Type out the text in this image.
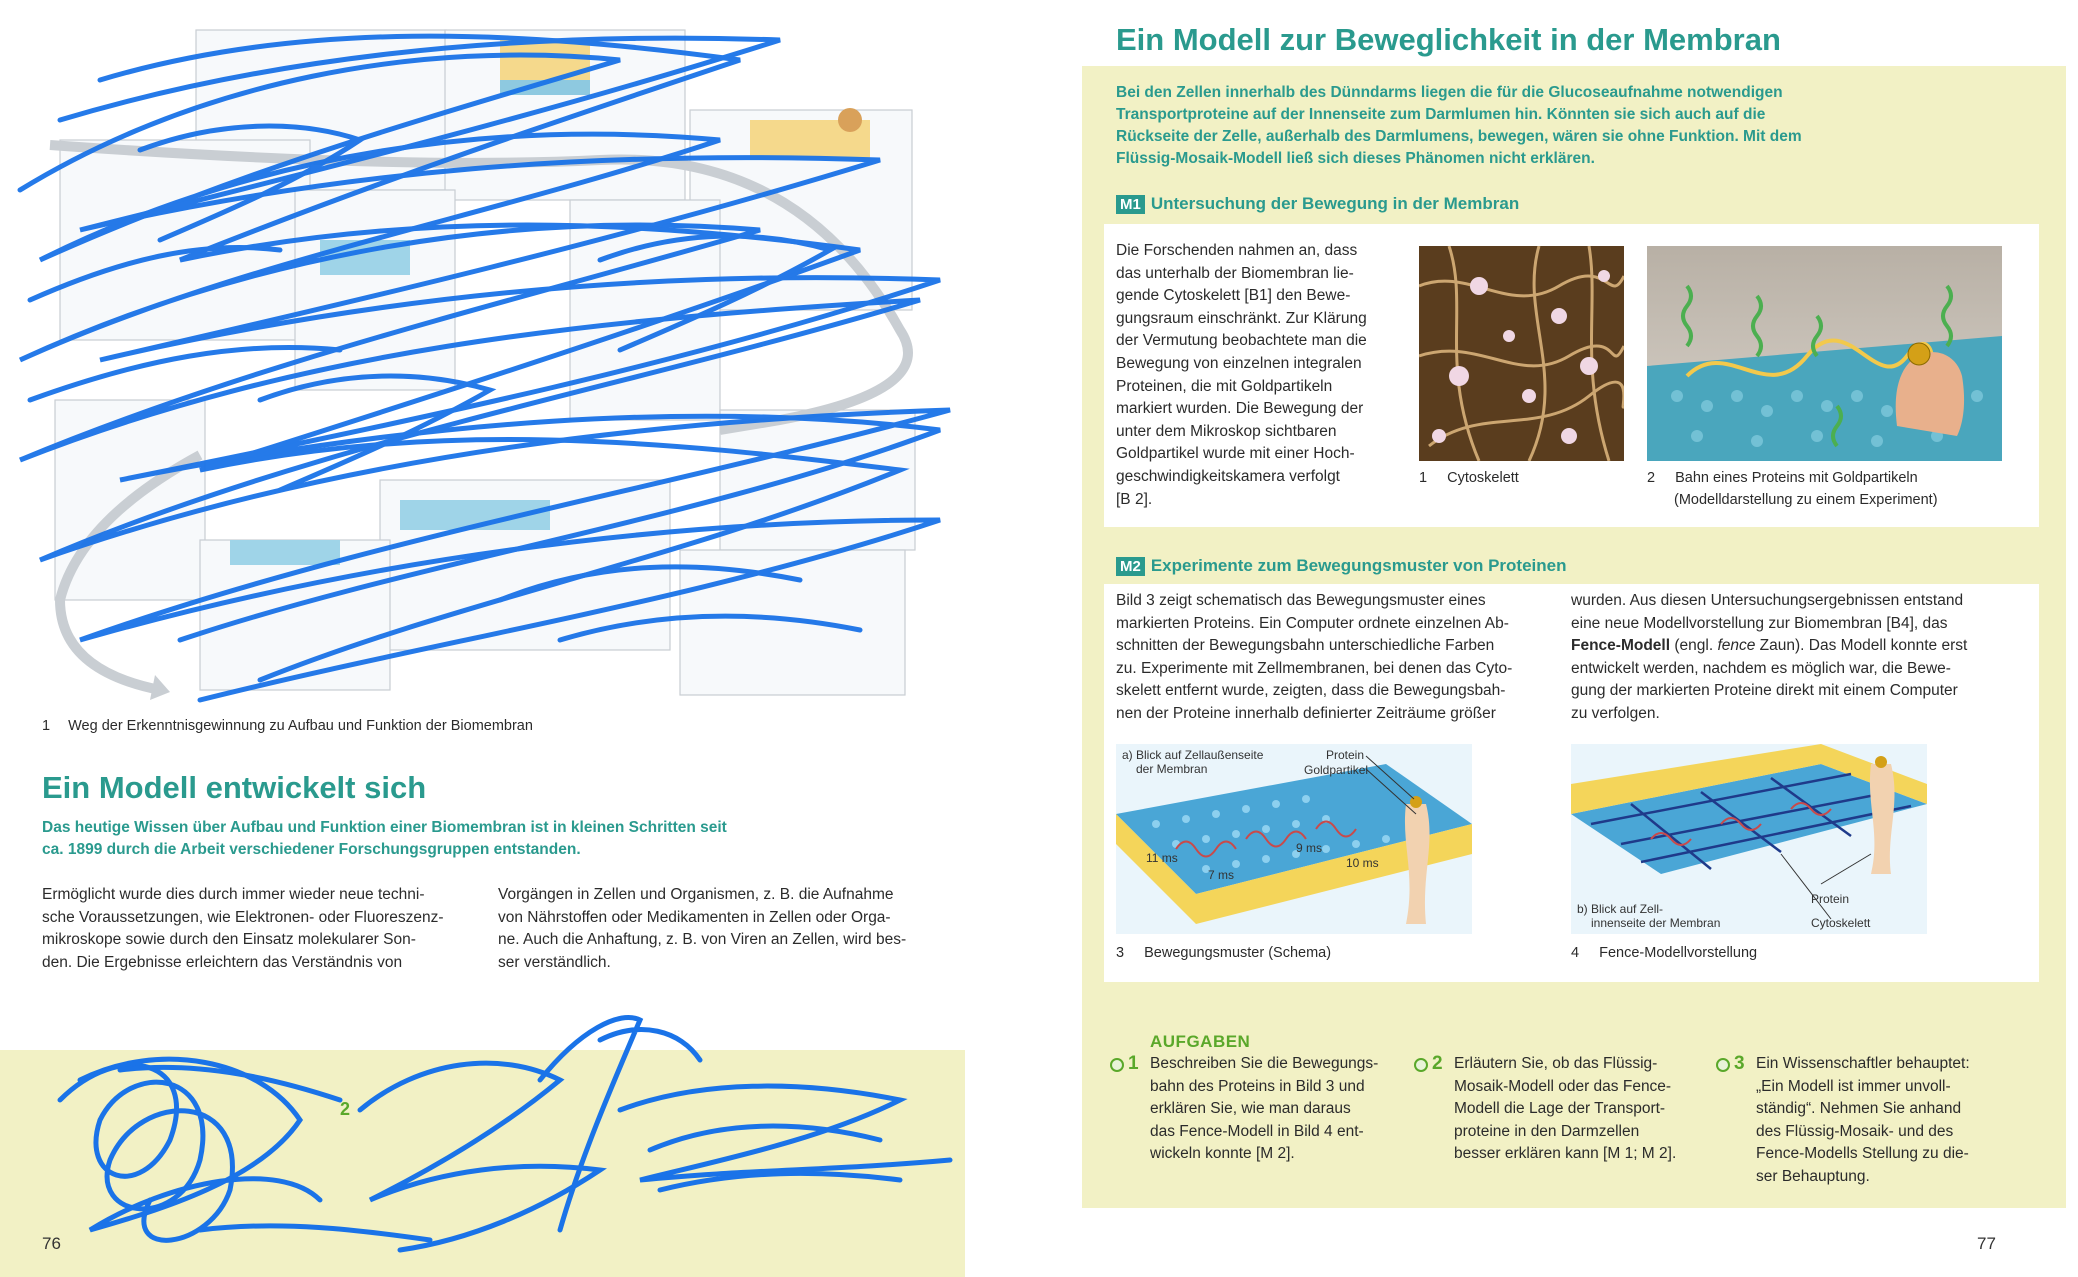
1 Weg der Erkenntnisgewinnung zu Aufbau und Funktion der Biomembran
Ein Modell entwickelt sich
Das heutige Wissen über Aufbau und Funktion einer Biomembran ist in kleinen Schritten seit
ca. 1899 durch die Arbeit verschiedener Forschungsgruppen entstanden.
Ermöglicht wurde dies durch immer wieder neue techni-
sche Voraussetzungen, wie Elektronen- oder Fluoreszenz-
mikroskope sowie durch den Einsatz molekularer Son-
den. Die Ergebnisse erleichtern das Verständnis von
Vorgängen in Zellen und Organismen, z. B. die Aufnahme
von Nährstoffen oder Medikamenten in Zellen oder Orga-
ne. Auch die Anhaftung, z. B. von Viren an Zellen, wird bes-
ser verständlich.
2
76
Ein Modell zur Beweglichkeit in der Membran
Bei den Zellen innerhalb des Dünndarms liegen die für die Glucoseaufnahme notwendigen
Transportproteine auf der Innenseite zum Darmlumen hin. Könnten sie sich auch auf die
Rückseite der Zelle, außerhalb des Darmlumens, bewegen, wären sie ohne Funktion. Mit dem
Flüssig-Mosaik-Modell ließ sich dieses Phänomen nicht erklären.
M1 Untersuchung der Bewegung in der Membran
Die Forschenden nahmen an, dass
das unterhalb der Biomembran lie-
gende Cytoskelett [B1] den Bewe-
gungsraum einschränkt. Zur Klärung
der Vermutung beobachtete man die
Bewegung von einzelnen integralen
Proteinen, die mit Goldpartikeln
markiert wurden. Die Bewegung der
unter dem Mikroskop sichtbaren
Goldpartikel wurde mit einer Hoch-
geschwindigkeitskamera verfolgt
[B 2].
1 Cytoskelett	2 Bahn eines Proteins mit Goldpartikeln
(Modelldarstellung zu einem Experiment)
M2 Experimente zum Bewegungsmuster von Proteinen
Bild 3 zeigt schematisch das Bewegungsmuster eines
markierten Proteins. Ein Computer ordnete einzelnen Ab-
schnitten der Bewegungsbahn unterschiedliche Farben
zu. Experimente mit Zellmembranen, bei denen das Cyto-
skelett entfernt wurde, zeigten, dass die Bewegungsbah-
nen der Proteine innerhalb definierter Zeiträume größer
wurden. Aus diesen Untersuchungsergebnissen entstand
eine neue Modellvorstellung zur Biomembran [B4], das
Fence-Modell (engl. fence Zaun). Das Modell konnte erst
entwickelt werden, nachdem es möglich war, die Bewe-
gung der markierten Proteine direkt mit einem Computer
zu verfolgen.
a) Blick auf Zellaußenseite
der Membran
Protein
Goldpartikel
11 ms
7 ms
9 ms
10 ms
3 Bewegungsmuster (Schema)
Protein
Cytoskelett
b) Blick auf Zell-
innenseite der Membran
4 Fence-Modellvorstellung
AUFGABEN
1 Beschreiben Sie die Bewegungs-
bahn des Proteins in Bild 3 und
erklären Sie, wie man daraus
das Fence-Modell in Bild 4 ent-
wickeln konnte [M 2].
2 Erläutern Sie, ob das Flüssig-
Mosaik-Modell oder das Fence-
Modell die Lage der Transport-
proteine in den Darmzellen
besser erklären kann [M 1; M 2].
3 Ein Wissenschaftler behauptet:
„Ein Modell ist immer unvoll-
ständig“. Nehmen Sie anhand
des Flüssig-Mosaik- und des
Fence-Modells Stellung zu die-
ser Behauptung.
77
